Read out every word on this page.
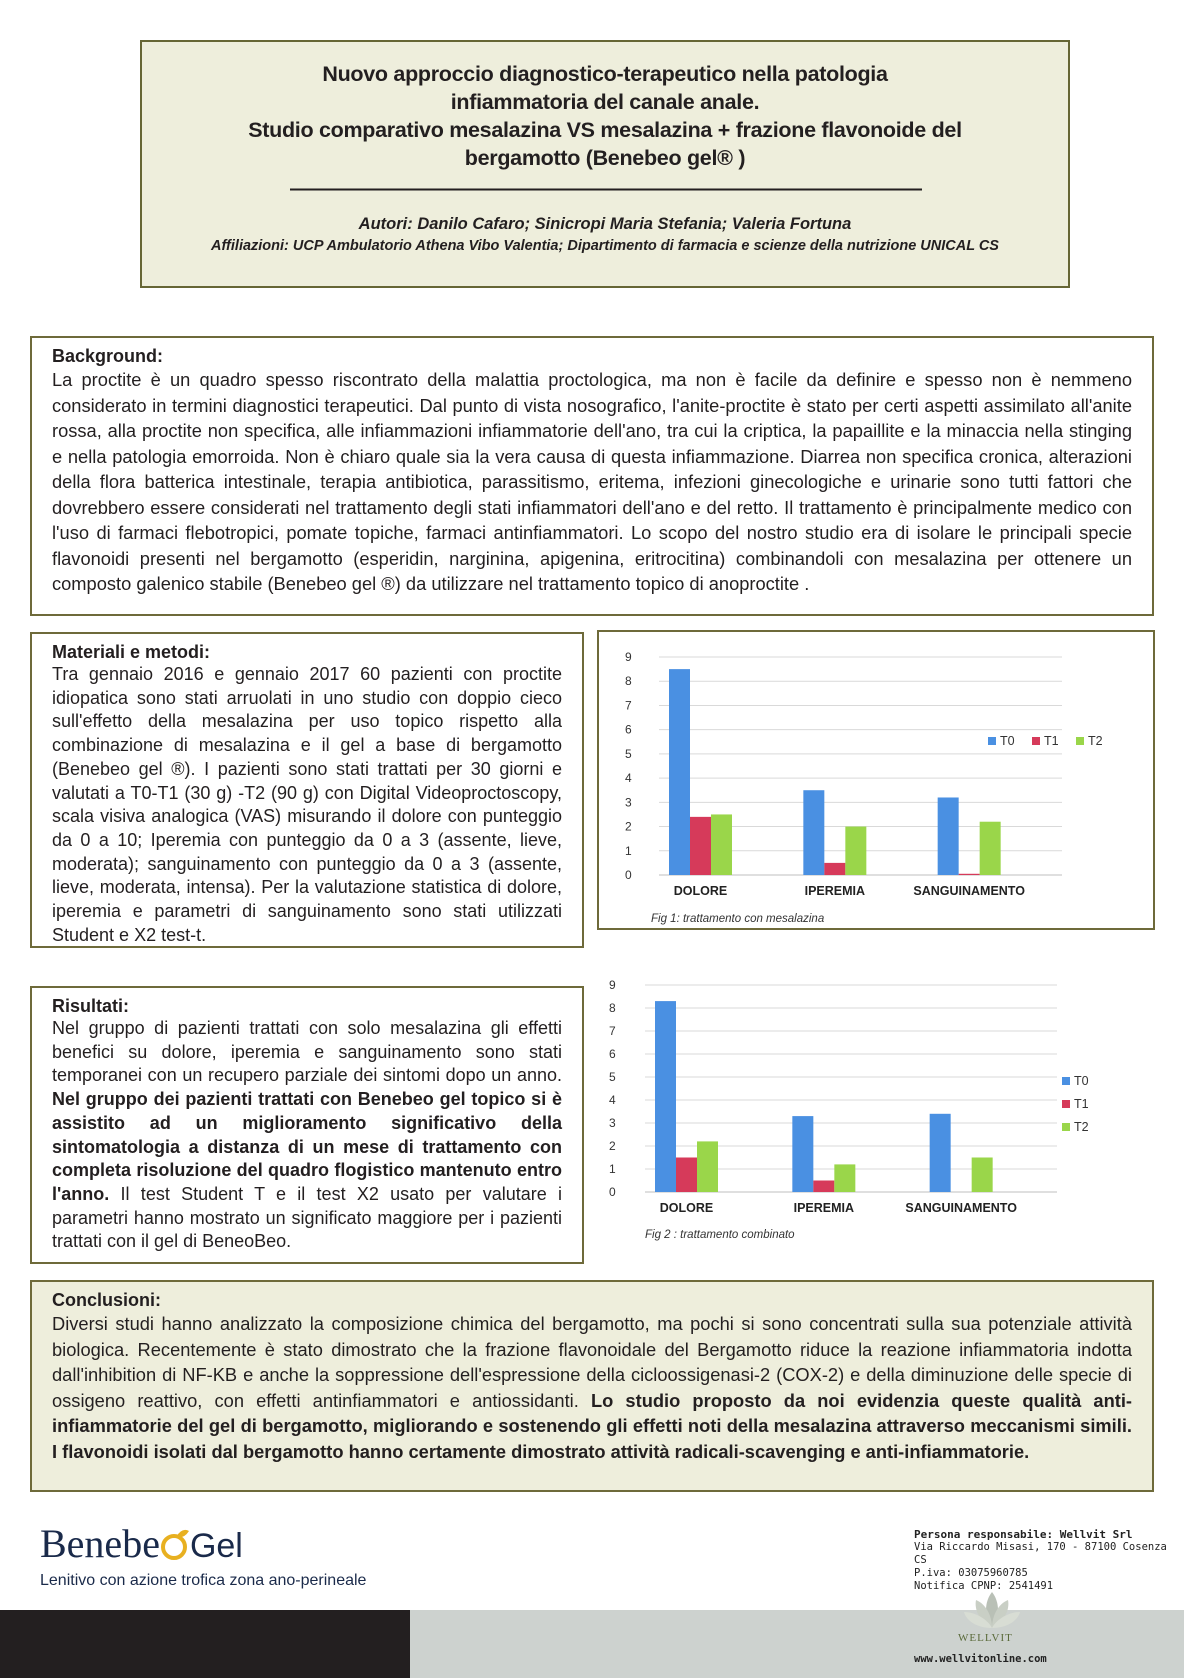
Nuovo approccio diagnostico-terapeutico nella patologia
infiammatoria del canale anale.
Studio comparativo mesalazina VS mesalazina + frazione flavonoide del
bergamotto (Benebeo gel® )
———————————————————————————————————
Autori: Danilo Cafaro; Sinicropi Maria Stefania; Valeria Fortuna
Affiliazioni: UCP Ambulatorio Athena Vibo Valentia; Dipartimento di farmacia e scienze della nutrizione UNICAL CS
Background:

La proctite è un quadro spesso riscontrato della malattia proctologica, ma non è facile da definire e spesso non è nemmeno considerato in termini diagnostici terapeutici. Dal punto di vista nosografico, l'anite-proctite è stato per certi aspetti assimilato all'anite rossa, alla proctite non specifica, alle infiammazioni infiammatorie dell'ano, tra cui la criptica, la papaillite e la minaccia nella stinging e nella patologia emorroida. Non è chiaro quale sia la vera causa di questa infiammazione. Diarrea non specifica cronica, alterazioni della flora batterica intestinale, terapia antibiotica, parassitismo, eritema, infezioni ginecologiche e urinarie sono tutti fattori che dovrebbero essere considerati nel trattamento degli stati infiammatori dell'ano e del retto. Il trattamento è principalmente medico con l'uso di farmaci flebotropici, pomate topiche, farmaci antinfiammatori. Lo scopo del nostro studio era di isolare le principali specie flavonoidi presenti nel bergamotto (esperidin, narginina, apigenina, eritrocitina) combinandoli con mesalazina per ottenere un composto galenico stabile (Benebeo gel ®) da utilizzare nel trattamento topico di anoproctite .

Materiali e metodi:

Tra gennaio 2016 e gennaio 2017 60 pazienti con proctite idiopatica sono stati arruolati in uno studio con doppio cieco sull'effetto della mesalazina per uso topico rispetto alla combinazione di mesalazina e il gel a base di bergamotto (Benebeo gel ®). I pazienti sono stati trattati per 30 giorni e valutati a T0-T1 (30 g) -T2 (90 g) con Digital Videoproctoscopy, scala visiva analogica (VAS) misurando il dolore con punteggio da 0 a 10; Iperemia con punteggio da 0 a 3 (assente, lieve, moderata); sanguinamento con punteggio da 0 a 3 (assente, lieve, moderata, intensa). Per la valutazione statistica di dolore, iperemia e parametri di sanguinamento sono stati utilizzati Student e X2 test-t.

0
1
2
3
4
5
6
7
8
9
DOLORE	IPEREMIA	SANGUINAMENTO
T0 T1 T2
Fig 1: trattamento con mesalazina
Risultati:

Nel gruppo di pazienti trattati con solo mesalazina gli effetti benefici su dolore, iperemia e sanguinamento sono stati temporanei con un recupero parziale dei sintomi dopo un anno. Nel gruppo dei pazienti trattati con Benebeo gel topico si è assistito ad un miglioramento significativo della sintomatologia a distanza di un mese di trattamento con completa risoluzione del quadro flogistico mantenuto entro l'anno. Il test Student T e il test X2 usato per valutare i parametri hanno mostrato un significato maggiore per i pazienti trattati con il gel di BeneoBeo.

0
1
2
3
4
5
6
7
8
9
DOLORE	IPEREMIA	SANGUINAMENTO
T0
T1
T2
Fig 2 : trattamento combinato
Conclusioni:

Diversi studi hanno analizzato la composizione chimica del bergamotto, ma pochi si sono concentrati sulla sua potenziale attività biologica. Recentemente è stato dimostrato che la frazione flavonoidale del Bergamotto riduce la reazione infiammatoria indotta dall'inhibition di NF-KB e anche la soppressione dell'espressione della cicloossigenasi-2 (COX-2) e della diminuzione delle specie di ossigeno reattivo, con effetti antinfiammatori e antiossidanti. Lo studio proposto da noi evidenzia queste qualità anti-infiammatorie del gel di bergamotto, migliorando e sostenendo gli effetti noti della mesalazina attraverso meccanismi simili. I flavonoidi isolati dal bergamotto hanno certamente dimostrato attività radicali-scavenging e anti-infiammatorie.

Benebe Gel
Lenitivo con azione trofica zona ano-perineale
Persona responsabile: Wellvit Srl
Via Riccardo Misasi, 170 - 87100 Cosenza CS
P.iva: 03075960785
Notifica CPNP: 2541491
WELLVIT
www.wellvitonline.com
